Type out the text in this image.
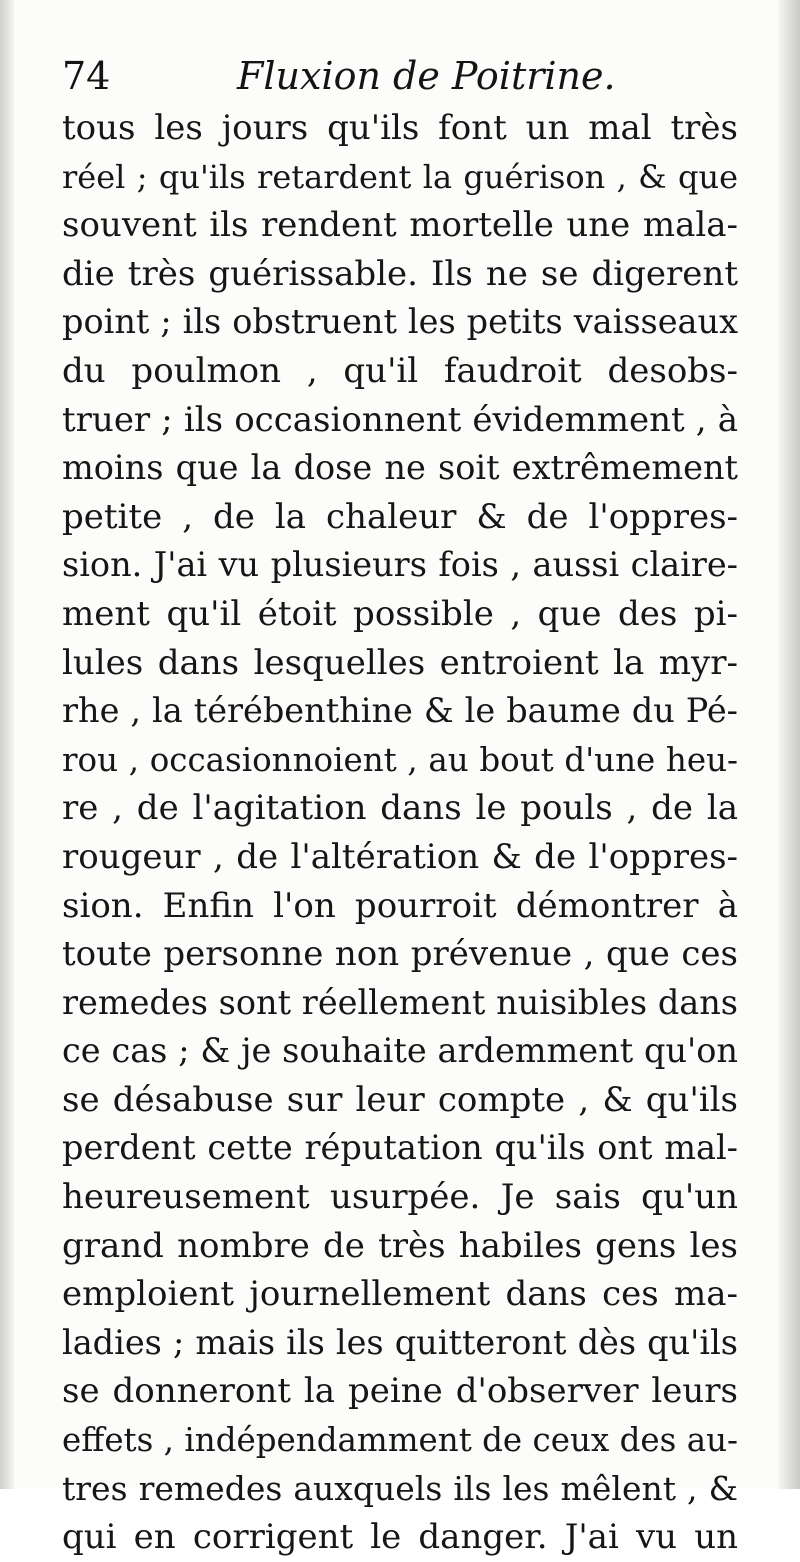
74	Fluxion de Poitrine.
tous les jours qu'ils font un mal très
réel ; qu'ils retardent la guérison , & que
souvent ils rendent mortelle une mala-
die très guérissable. Ils ne se digerent
point ; ils obstruent les petits vaisseaux
du poulmon , qu'il faudroit desobs-
truer ; ils occasionnent évidemment , à
moins que la dose ne soit extrêmement
petite , de la chaleur & de l'oppres-
sion. J'ai vu plusieurs fois , aussi claire-
ment qu'il étoit possible , que des pi-
lules dans lesquelles entroient la myr-
rhe , la térébenthine & le baume du Pé-
rou , occasionnoient , au bout d'une heu-
re , de l'agitation dans le pouls , de la
rougeur , de l'altération & de l'oppres-
sion. Enfin l'on pourroit démontrer à
toute personne non prévenue , que ces
remedes sont réellement nuisibles dans
ce cas ; & je souhaite ardemment qu'on
se désabuse sur leur compte , & qu'ils
perdent cette réputation qu'ils ont mal-
heureusement usurpée. Je sais qu'un
grand nombre de très habiles gens les
emploient journellement dans ces ma-
ladies ; mais ils les quitteront dès qu'ils
se donneront la peine d'observer leurs
effets , indépendamment de ceux des au-
tres remedes auxquels ils les mêlent , &
qui en corrigent le danger. J'ai vu un
